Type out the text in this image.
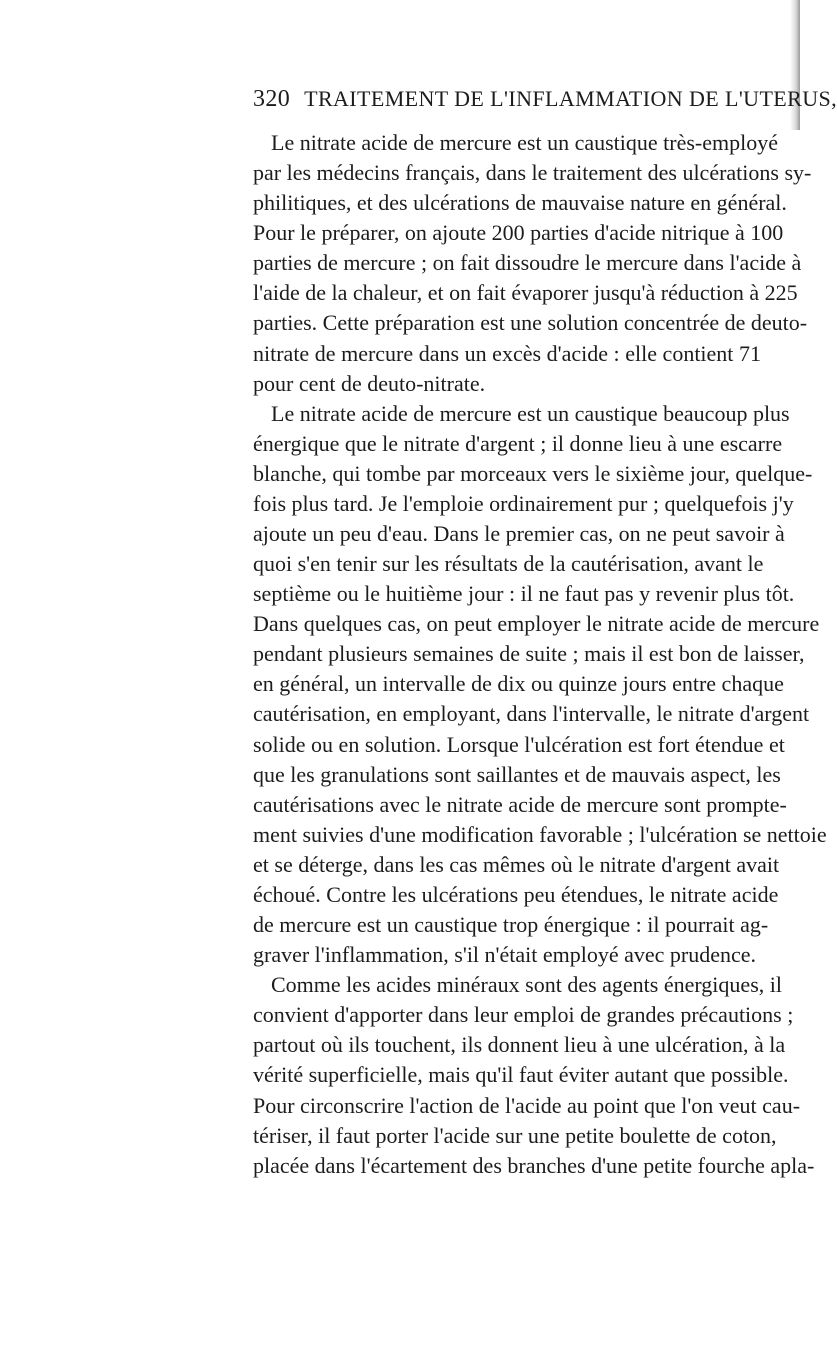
320 TRAITEMENT DE L'INFLAMMATION DE L'UTERUS,
Le nitrate acide de mercure est un caustique très-employé
par les médecins français, dans le traitement des ulcérations sy-
philitiques, et des ulcérations de mauvaise nature en général.
Pour le préparer, on ajoute 200 parties d'acide nitrique à 100
parties de mercure ; on fait dissoudre le mercure dans l'acide à
l'aide de la chaleur, et on fait évaporer jusqu'à réduction à 225
parties. Cette préparation est une solution concentrée de deuto-
nitrate de mercure dans un excès d'acide : elle contient 71
pour cent de deuto-nitrate.
Le nitrate acide de mercure est un caustique beaucoup plus
énergique que le nitrate d'argent ; il donne lieu à une escarre
blanche, qui tombe par morceaux vers le sixième jour, quelque-
fois plus tard. Je l'emploie ordinairement pur ; quelquefois j'y
ajoute un peu d'eau. Dans le premier cas, on ne peut savoir à
quoi s'en tenir sur les résultats de la cautérisation, avant le
septième ou le huitième jour : il ne faut pas y revenir plus tôt.
Dans quelques cas, on peut employer le nitrate acide de mercure
pendant plusieurs semaines de suite ; mais il est bon de laisser,
en général, un intervalle de dix ou quinze jours entre chaque
cautérisation, en employant, dans l'intervalle, le nitrate d'argent
solide ou en solution. Lorsque l'ulcération est fort étendue et
que les granulations sont saillantes et de mauvais aspect, les
cautérisations avec le nitrate acide de mercure sont prompte-
ment suivies d'une modification favorable ; l'ulcération se nettoie
et se déterge, dans les cas mêmes où le nitrate d'argent avait
échoué. Contre les ulcérations peu étendues, le nitrate acide
de mercure est un caustique trop énergique : il pourrait ag-
graver l'inflammation, s'il n'était employé avec prudence.
Comme les acides minéraux sont des agents énergiques, il
convient d'apporter dans leur emploi de grandes précautions ;
partout où ils touchent, ils donnent lieu à une ulcération, à la
vérité superficielle, mais qu'il faut éviter autant que possible.
Pour circonscrire l'action de l'acide au point que l'on veut cau-
tériser, il faut porter l'acide sur une petite boulette de coton,
placée dans l'écartement des branches d'une petite fourche apla-
